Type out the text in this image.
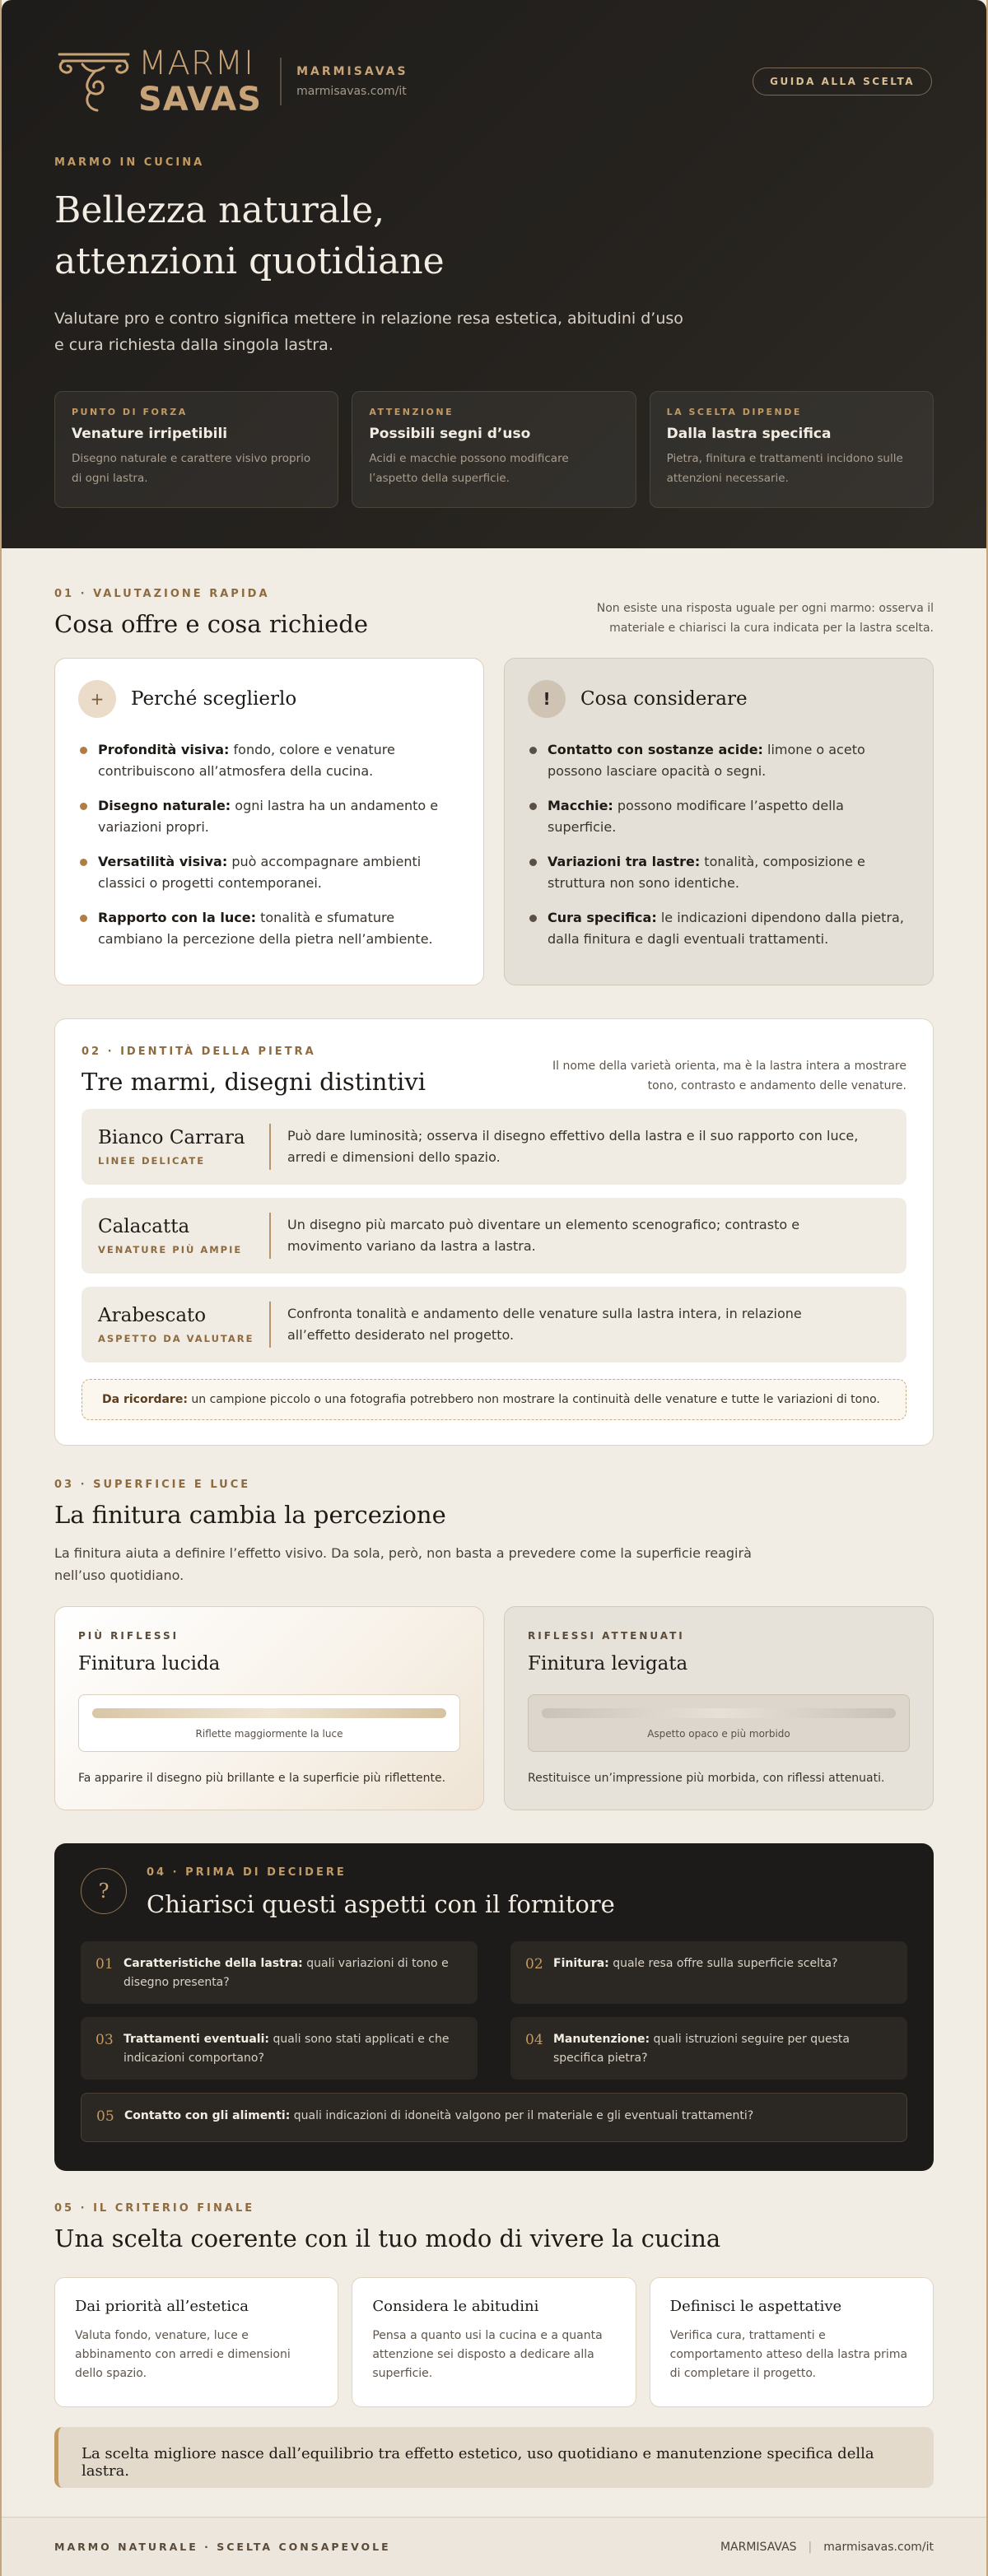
MARMI
SAVAS
MARMISAVAS
marmisavas.com/it
GUIDA ALLA SCELTA
MARMO IN CUCINA
Bellezza naturale,
attenzioni quotidiane

Valutare pro e contro significa mettere in relazione resa estetica, abitudini d’uso e cura richiesta dalla singola lastra.

PUNTO DI FORZA
Venature irripetibili
Disegno naturale e carattere visivo proprio di ogni lastra.
ATTENZIONE
Possibili segni d’uso
Acidi e macchie possono modificare l’aspetto della superficie.
LA SCELTA DIPENDE
Dalla lastra specifica
Pietra, finitura e trattamenti incidono sulle attenzioni necessarie.
01 · VALUTAZIONE RAPIDA
Cosa offre e cosa richiede

Non esiste una risposta uguale per ogni marmo: osserva il materiale e chiarisci la cura indicata per la lastra scelta.

+	Perché sceglierlo
Profondità visiva: fondo, colore e venature contribuiscono all’atmosfera della cucina.
Disegno naturale: ogni lastra ha un andamento e variazioni propri.
Versatilità visiva: può accompagnare ambienti classici o progetti contemporanei.
Rapporto con la luce: tonalità e sfumature cambiano la percezione della pietra nell’ambiente.
!	Cosa considerare
Contatto con sostanze acide: limone o aceto possono lasciare opacità o segni.
Macchie: possono modificare l’aspetto della superficie.
Variazioni tra lastre: tonalità, composizione e struttura non sono identiche.
Cura specifica: le indicazioni dipendono dalla pietra, dalla finitura e dagli eventuali trattamenti.
02 · IDENTITÀ DELLA PIETRA
Tre marmi, disegni distintivi

Il nome della varietà orienta, ma è la lastra intera a mostrare tono, contrasto e andamento delle venature.

Bianco Carrara
LINEE DELICATE
Può dare luminosità; osserva il disegno effettivo della lastra e il suo rapporto con luce, arredi e dimensioni dello spazio.
Calacatta
VENATURE PIÙ AMPIE
Un disegno più marcato può diventare un elemento scenografico; contrasto e movimento variano da lastra a lastra.
Arabescato
ASPETTO DA VALUTARE
Confronta tonalità e andamento delle venature sulla lastra intera, in relazione all’effetto desiderato nel progetto.
Da ricordare: un campione piccolo o una fotografia potrebbero non mostrare la continuità delle venature e tutte le variazioni di tono.
03 · SUPERFICIE E LUCE
La finitura cambia la percezione

La finitura aiuta a definire l’effetto visivo. Da sola, però, non basta a prevedere come la superficie reagirà nell’uso quotidiano.

PIÙ RIFLESSI
Finitura lucida
Riflette maggiormente la luce
Fa apparire il disegno più brillante e la superficie più riflettente.
RIFLESSI ATTENUATI
Finitura levigata
Aspetto opaco e più morbido
Restituisce un’impressione più morbida, con riflessi attenuati.
?
04 · PRIMA DI DECIDERE
Chiarisci questi aspetti con il fornitore
01 Caratteristiche della lastra: quali variazioni di tono e disegno presenta?
02 Finitura: quale resa offre sulla superficie scelta?
03 Trattamenti eventuali: quali sono stati applicati e che indicazioni comportano?
04 Manutenzione: quali istruzioni seguire per questa specifica pietra?
05 Contatto con gli alimenti: quali indicazioni di idoneità valgono per il materiale e gli eventuali trattamenti?
05 · IL CRITERIO FINALE
Una scelta coerente con il tuo modo di vivere la cucina
Dai priorità all’estetica
Valuta fondo, venature, luce e abbinamento con arredi e dimensioni dello spazio.
Considera le abitudini
Pensa a quanto usi la cucina e a quanta attenzione sei disposto a dedicare alla superficie.
Definisci le aspettative
Verifica cura, trattamenti e comportamento atteso della lastra prima di completare il progetto.
La scelta migliore nasce dall’equilibrio tra effetto estetico, uso quotidiano e manutenzione specifica della lastra.
MARMO NATURALE · SCELTA CONSAPEVOLE	MARMISAVAS | marmisavas.com/it
